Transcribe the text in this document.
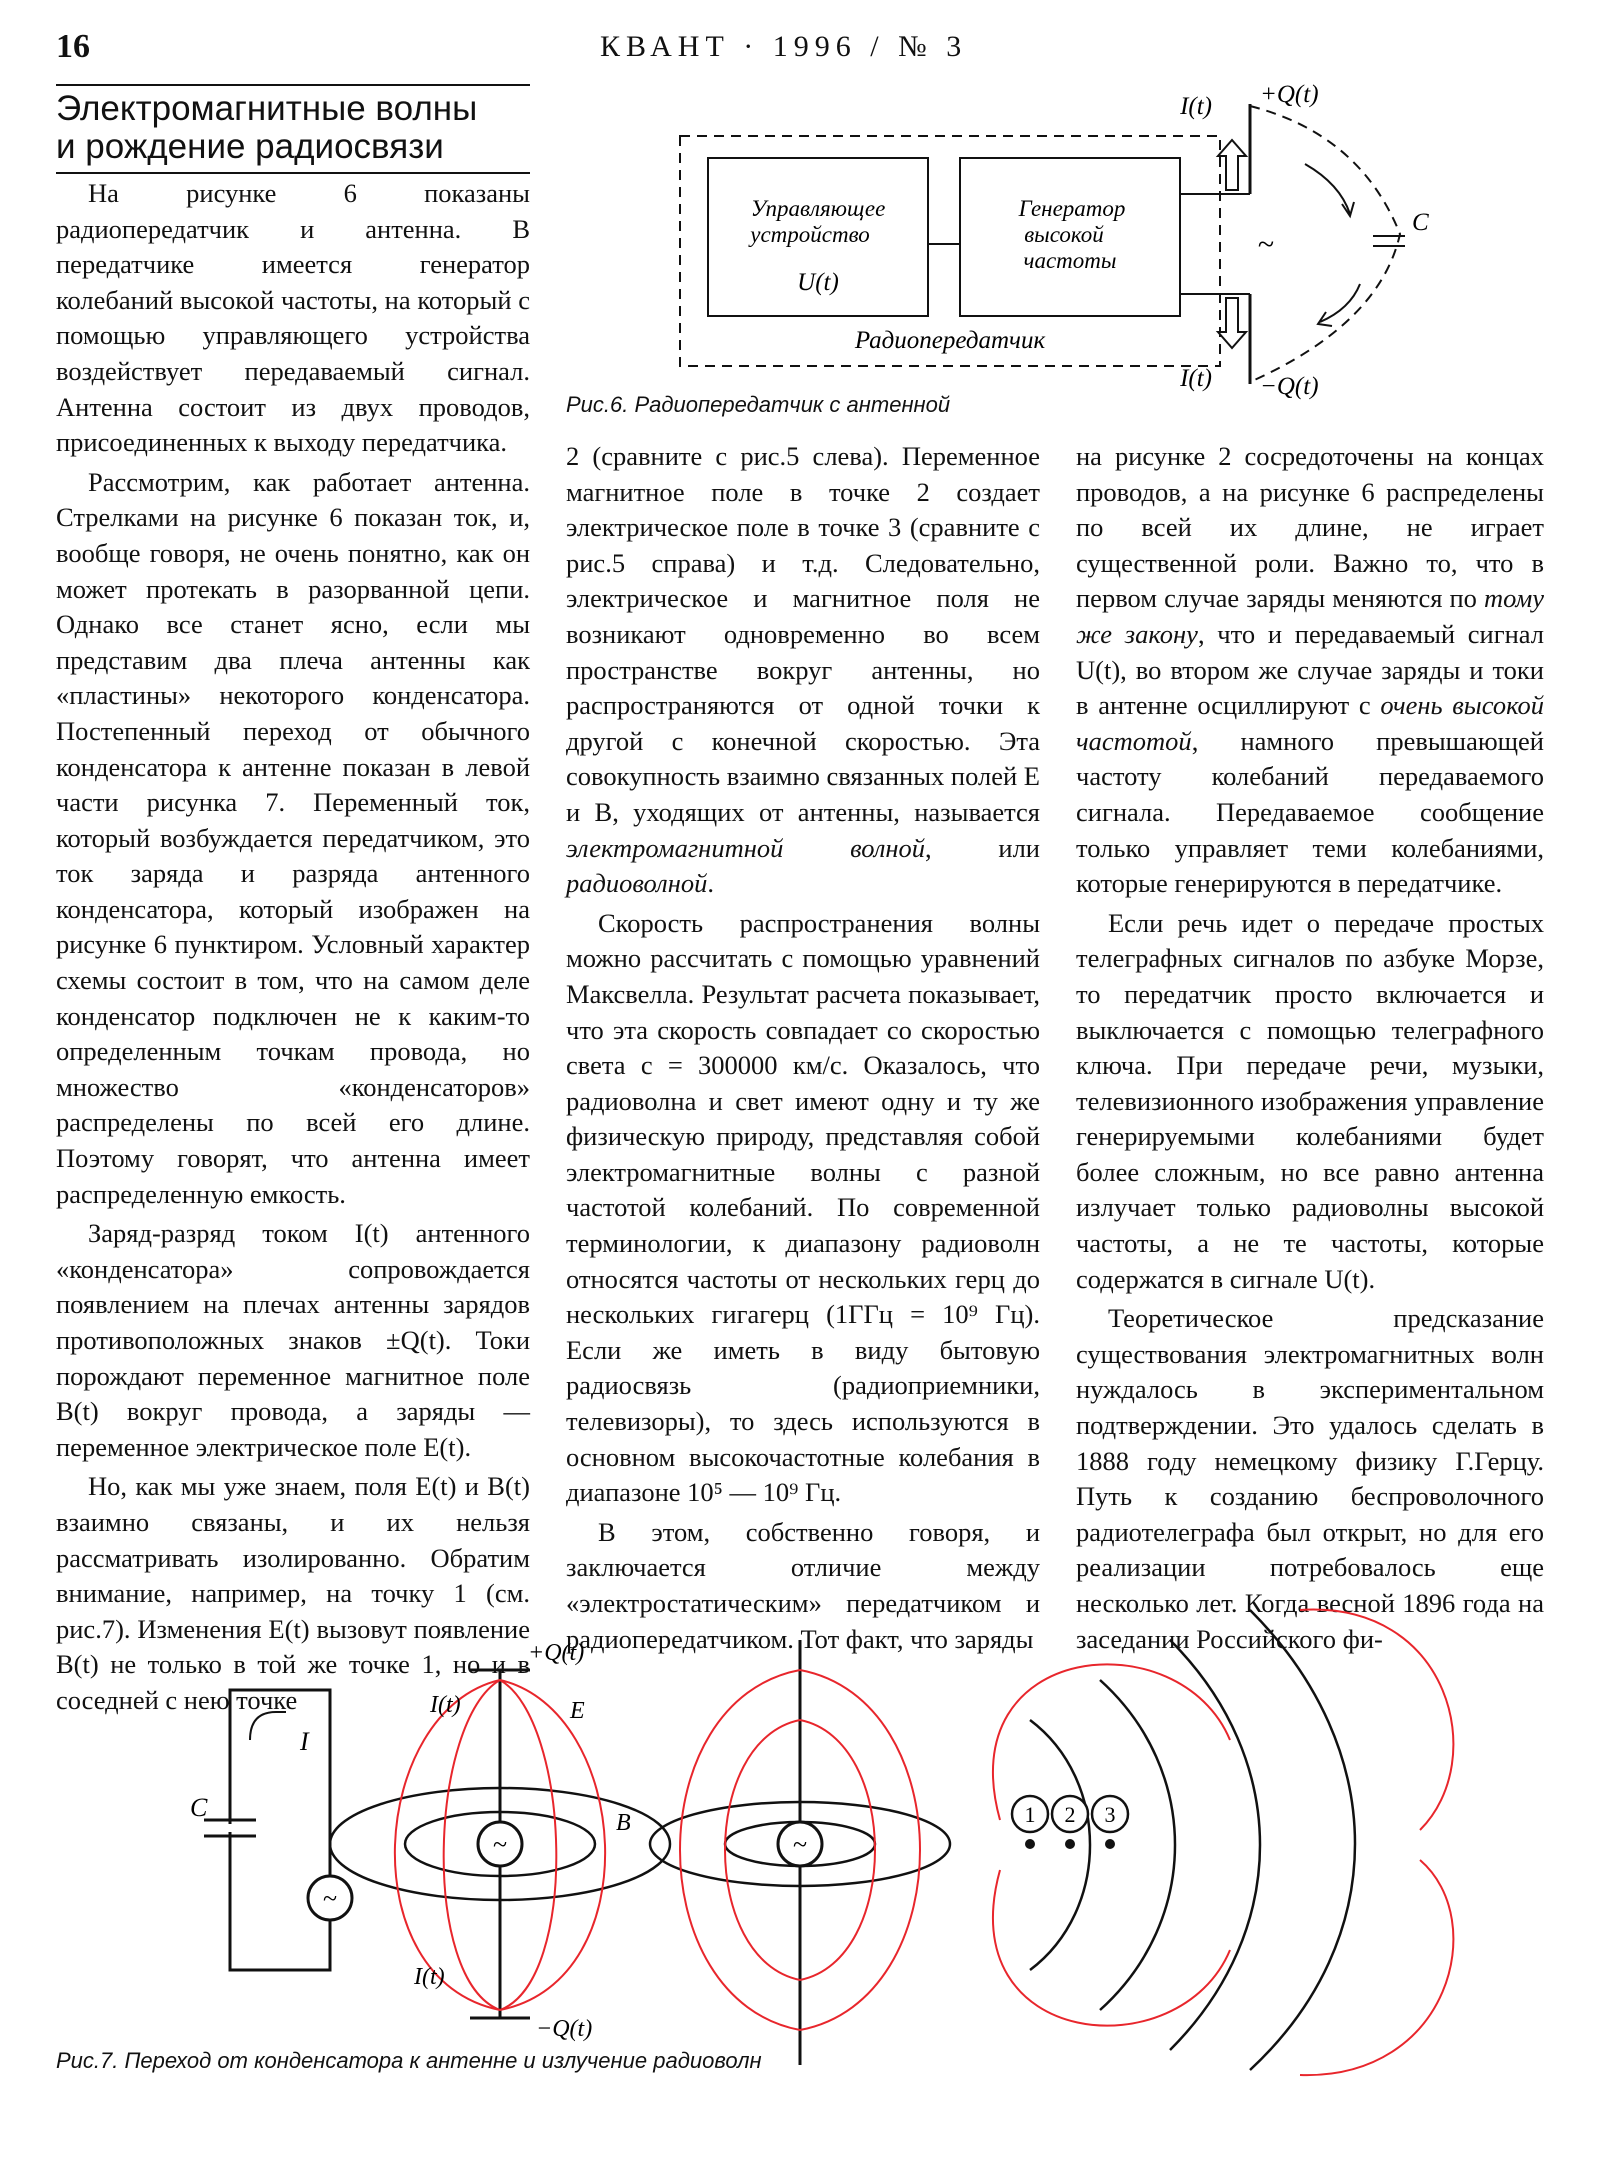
16	КВАНТ · 1996 / № 3
Электромагнитные волны
и рождение радиосвязи
Управляющее
устройство
U(t)
Генератор
высокой
частоты
Радиопередатчик
~
C
I(t) +Q(t)
I(t) −Q(t)
Рис.6. Радиопередатчик с антенной

На рисунке 6 показаны радиопередатчик и антенна. В передатчике имеется генератор колебаний высокой частоты, на который с помощью управляющего устройства воздействует передаваемый сигнал. Антенна состоит из двух проводов, присоединенных к выходу передатчика.

Рассмотрим, как работает антенна. Стрелками на рисунке 6 показан ток, и, вообще говоря, не очень понятно, как он может протекать в разорванной цепи. Однако все станет ясно, если мы представим два плеча антенны как «пластины» некоторого конденсатора. Постепенный переход от обычного конденсатора к антенне показан в левой части рисунка 7. Переменный ток, который возбуждается передатчиком, это ток заряда и разряда антенного конденсатора, который изображен на рисунке 6 пунктиром. Условный характер схемы состоит в том, что на самом деле конденсатор подключен не к каким-то определенным точкам провода, но множество «конденсаторов» распределены по всей его длине. Поэтому говорят, что антенна имеет распределенную емкость.

Заряд-разряд током I(t) антенного «конденсатора» сопровождается появлением на плечах антенны зарядов противоположных знаков ±Q(t). Токи порождают переменное магнитное поле B(t) вокруг провода, а заряды — переменное электрическое поле E(t).

Но, как мы уже знаем, поля E(t) и B(t) взаимно связаны, и их нельзя рассматривать изолированно. Обратим внимание, например, на точку 1 (см. рис.7). Изменения E(t) вызовут появление B(t) не только в той же точке 1, но и в соседней с нею точке

2 (сравните с рис.5 слева). Переменное магнитное поле в точке 2 создает электрическое поле в точке 3 (сравните с рис.5 справа) и т.д. Следовательно, электрическое и магнитное поля не возникают одновременно во всем пространстве вокруг антенны, но распространяются от одной точки к другой с конечной скоростью. Эта совокупность взаимно связанных полей E и B, уходящих от антенны, называется электромагнитной волной, или радиоволной.

Скорость распространения волны можно рассчитать с помощью уравнений Максвелла. Результат расчета показывает, что эта скорость совпадает со скоростью света c = 300000 км/с. Оказалось, что радиоволна и свет имеют одну и ту же физическую природу, представляя собой электромагнитные волны с разной частотой колебаний. По современной терминологии, к диапазону радиоволн относятся частоты от нескольких герц до нескольких гигагерц (1ГГц = 10⁹ Гц). Если же иметь в виду бытовую радиосвязь (радиоприемники, телевизоры), то здесь используются в основном высокочастотные колебания в диапазоне 10⁵ — 10⁹ Гц.

В этом, собственно говоря, и заключается отличие между «электростатическим» передатчиком и радиопередатчиком. Тот факт, что заряды

на рисунке 2 сосредоточены на концах проводов, а на рисунке 6 распределены по всей их длине, не играет существенной роли. Важно то, что в первом случае заряды меняются по тому же закону, что и передаваемый сигнал U(t), во втором же случае заряды и токи в антенне осциллируют с очень высокой частотой, намного превышающей частоту колебаний передаваемого сигнала. Передаваемое сообщение только управляет теми колебаниями, которые генерируются в передатчике.

Если речь идет о передаче простых телеграфных сигналов по азбуке Морзе, то передатчик просто включается и выключается с помощью телеграфного ключа. При передаче речи, музыки, телевизионного изображения управление генерируемыми колебаниями будет более сложным, но все равно антенна излучает только радиоволны высокой частоты, а не те частоты, которые содержатся в сигнале U(t).

Теоретическое предсказание существования электромагнитных волн нуждалось в экспериментальном подтверждении. Это удалось сделать в 1888 году немецкому физику Г.Герцу. Путь к созданию беспроволочного радиотелеграфа был открыт, но для его реализации потребовалось еще несколько лет. Когда весной 1896 года на заседании Российского фи-

~
C
I
~
+Q(t)
−Q(t)
I(t)
I(t)
E
B
~
1 2 3
Рис.7. Переход от конденсатора к антенне и излучение радиоволн
